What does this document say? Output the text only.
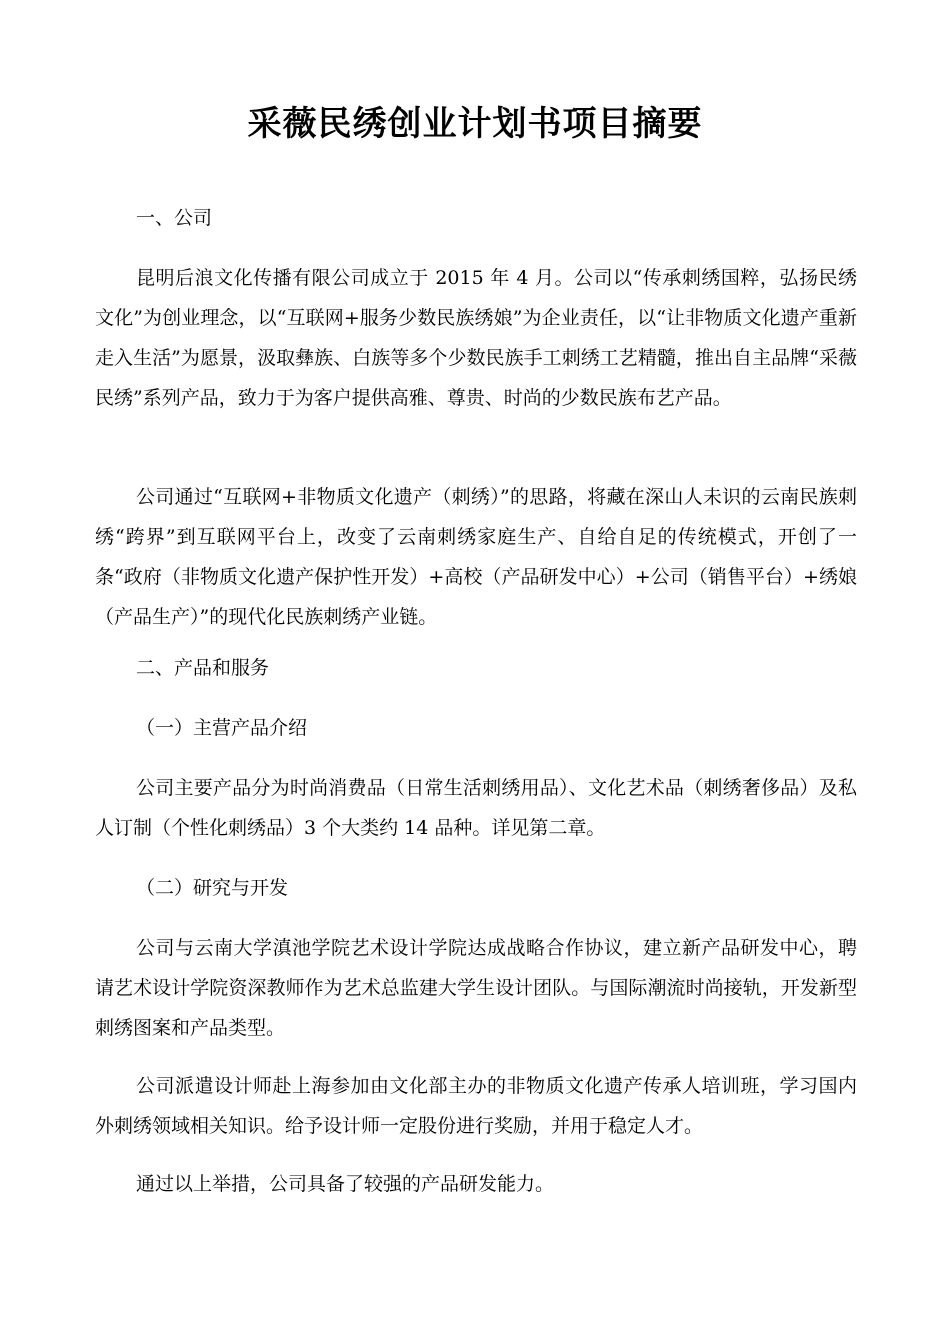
采薇民绣创业计划书项目摘要

一、公司

昆明后浪文化传播有限公司成立于 2015 年 4 月。公司以“传承刺绣国粹，弘扬民绣文化”为创业理念，以“互联网+服务少数民族绣娘”为企业责任，以“让非物质文化遗产重新走入生活”为愿景，汲取彝族、白族等多个少数民族手工刺绣工艺精髓，推出自主品牌“采薇民绣”系列产品，致力于为客户提供高雅、尊贵、时尚的少数民族布艺产品。

公司通过“互联网+非物质文化遗产（刺绣）”的思路，将藏在深山人未识的云南民族刺绣“跨界”到互联网平台上，改变了云南刺绣家庭生产、自给自足的传统模式，开创了一条“政府（非物质文化遗产保护性开发）+高校（产品研发中心）+公司（销售平台）+绣娘（产品生产）”的现代化民族刺绣产业链。

二、产品和服务

（一）主营产品介绍

公司主要产品分为时尚消费品（日常生活刺绣用品）、文化艺术品（刺绣奢侈品）及私人订制（个性化刺绣品）3 个大类约 14 品种。详见第二章。

（二）研究与开发

公司与云南大学滇池学院艺术设计学院达成战略合作协议，建立新产品研发中心，聘请艺术设计学院资深教师作为艺术总监建大学生设计团队。与国际潮流时尚接轨，开发新型刺绣图案和产品类型。

公司派遣设计师赴上海参加由文化部主办的非物质文化遗产传承人培训班，学习国内外刺绣领域相关知识。给予设计师一定股份进行奖励，并用于稳定人才。

通过以上举措，公司具备了较强的产品研发能力。
